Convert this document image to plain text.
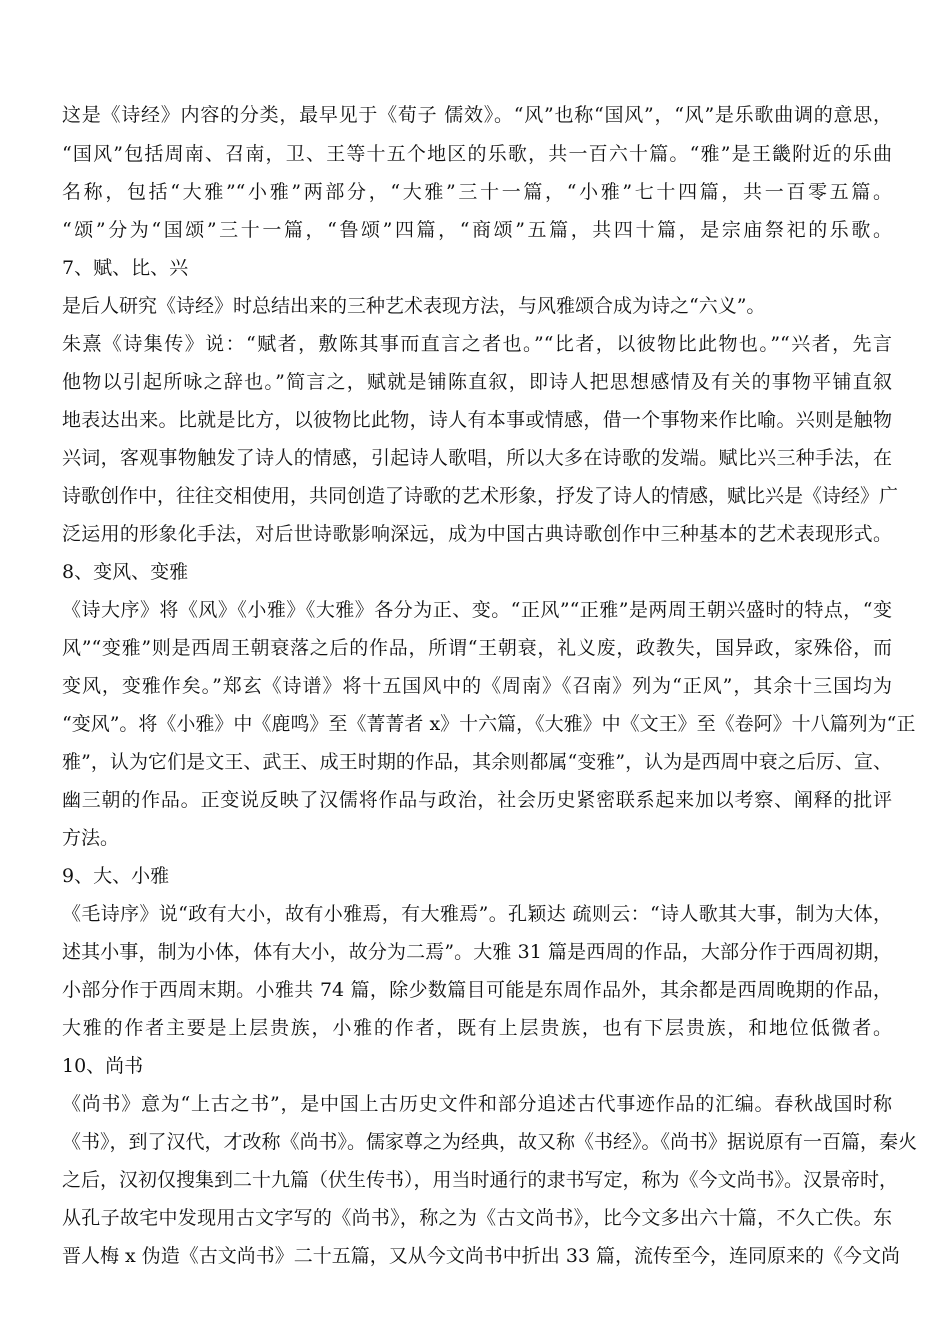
这是《诗经》内容的分类，最早见于《荀子 儒效》。“风”也称“国风”，“风”是乐歌曲调的意思，
“国风”包括周南、召南，卫、王等十五个地区的乐歌，共一百六十篇。“雅”是王畿附近的乐曲
名称，包括“大雅”“小雅”两部分，“大雅”三十一篇，“小雅”七十四篇，共一百零五篇。
“颂”分为“国颂”三十一篇，“鲁颂”四篇，“商颂”五篇，共四十篇，是宗庙祭祀的乐歌。
7、赋、比、兴
是后人研究《诗经》时总结出来的三种艺术表现方法，与风雅颂合成为诗之“六义”。
朱熹《诗集传》说：“赋者，敷陈其事而直言之者也。”“比者，以彼物比此物也。”“兴者，先言
他物以引起所咏之辞也。”简言之，赋就是铺陈直叙，即诗人把思想感情及有关的事物平铺直叙
地表达出来。比就是比方，以彼物比此物，诗人有本事或情感，借一个事物来作比喻。兴则是触物
兴词，客观事物触发了诗人的情感，引起诗人歌唱，所以大多在诗歌的发端。赋比兴三种手法，在
诗歌创作中，往往交相使用，共同创造了诗歌的艺术形象，抒发了诗人的情感，赋比兴是《诗经》广
泛运用的形象化手法，对后世诗歌影响深远，成为中国古典诗歌创作中三种基本的艺术表现形式。
8、变风、变雅
《诗大序》将《风》《小雅》《大雅》各分为正、变。“正风”“正雅”是两周王朝兴盛时的特点，“变
风”“变雅”则是西周王朝衰落之后的作品，所谓“王朝衰，礼义废，政教失，国异政，家殊俗，而
变风，变雅作矣。”郑玄《诗谱》将十五国风中的《周南》《召南》列为“正风”，其余十三国均为
“变风”。将《小雅》中《鹿鸣》至《菁菁者 x》十六篇，《大雅》中《文王》至《卷阿》十八篇列为“正
雅”，认为它们是文王、武王、成王时期的作品，其余则都属“变雅”，认为是西周中衰之后厉、宣、
幽三朝的作品。正变说反映了汉儒将作品与政治，社会历史紧密联系起来加以考察、阐释的批评
方法。
9、大、小雅
《毛诗序》说“政有大小，故有小雅焉，有大雅焉”。孔颖达 疏则云：“诗人歌其大事，制为大体，
述其小事，制为小体，体有大小，故分为二焉”。大雅 31 篇是西周的作品，大部分作于西周初期，
小部分作于西周末期。小雅共 74 篇，除少数篇目可能是东周作品外，其余都是西周晚期的作品，
大雅的作者主要是上层贵族，小雅的作者，既有上层贵族，也有下层贵族，和地位低微者。
10、尚书
《尚书》意为“上古之书”，是中国上古历史文件和部分追述古代事迹作品的汇编。春秋战国时称
《书》，到了汉代，才改称《尚书》。儒家尊之为经典，故又称《书经》。《尚书》据说原有一百篇，秦火
之后，汉初仅搜集到二十九篇（伏生传书），用当时通行的隶书写定，称为《今文尚书》。汉景帝时，
从孔子故宅中发现用古文字写的《尚书》，称之为《古文尚书》，比今文多出六十篇，不久亡佚。东
晋人梅 x 伪造《古文尚书》二十五篇，又从今文尚书中折出 33 篇，流传至今，连同原来的《今文尚
